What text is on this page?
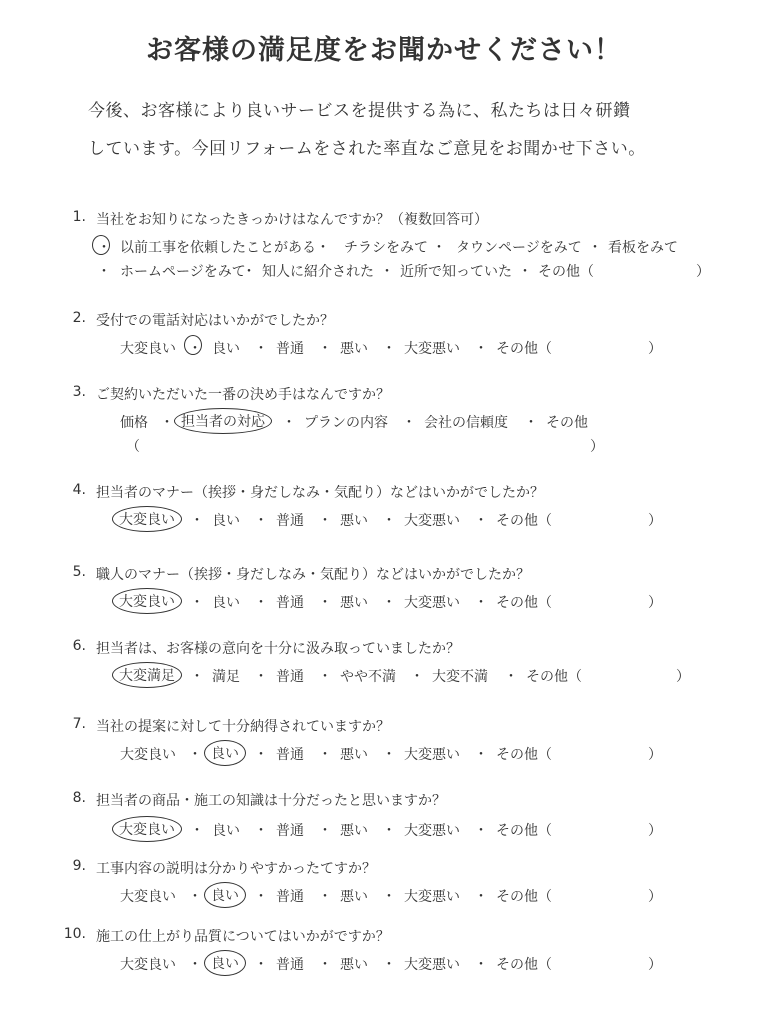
お客様の満足度をお聞かせください！
今後、お客様により良いサービスを提供する為に、私たちは日々研鑽
しています。今回リフォームをされた率直なご意見をお聞かせ下さい。
1. 当社をお知りになったきっかけはなんですか？（複数回答可）
・ 以前工事を依頼したことがある ・ チラシをみて ・ タウンページをみて ・ 看板をみて
・ ホームページをみて
・ 知人に紹介された ・ 近所で知っていた ・ その他（	）
2. 受付での電話対応はいかがでしたか？
大変良い ・ 良い ・ 普通 ・ 悪い ・ 大変悪い ・ その他（	）
3. ご契約いただいた一番の決め手はなんですか？
価格 ・ 担当者の対応	・ プランの内容 ・ 会社の信頼度 ・ その他
（	）
4. 担当者のマナー（挨拶・身だしなみ・気配り）などはいかがでしたか？
大変良い	・ 良い ・ 普通 ・ 悪い ・ 大変悪い ・ その他（	）
5. 職人のマナー（挨拶・身だしなみ・気配り）などはいかがでしたか？
大変良い	・ 良い ・ 普通 ・ 悪い ・ 大変悪い ・ その他（	）
6. 担当者は、お客様の意向を十分に汲み取っていましたか？
大変満足	・ 満足 ・ 普通 ・ やや不満 ・ 大変不満 ・ その他（	）
7. 当社の提案に対して十分納得されていますか？
大変良い ・ 良い	・ 普通 ・ 悪い ・ 大変悪い ・ その他（	）
8. 担当者の商品・施工の知識は十分だったと思いますか？
大変良い	・ 良い ・ 普通 ・ 悪い ・ 大変悪い ・ その他（	）
9. 工事内容の説明は分かりやすかったてすか？
大変良い ・ 良い	・ 普通 ・ 悪い ・ 大変悪い ・ その他（	）
10. 施工の仕上がり品質についてはいかがですか？
大変良い ・ 良い	・ 普通 ・ 悪い ・ 大変悪い ・ その他（	）
